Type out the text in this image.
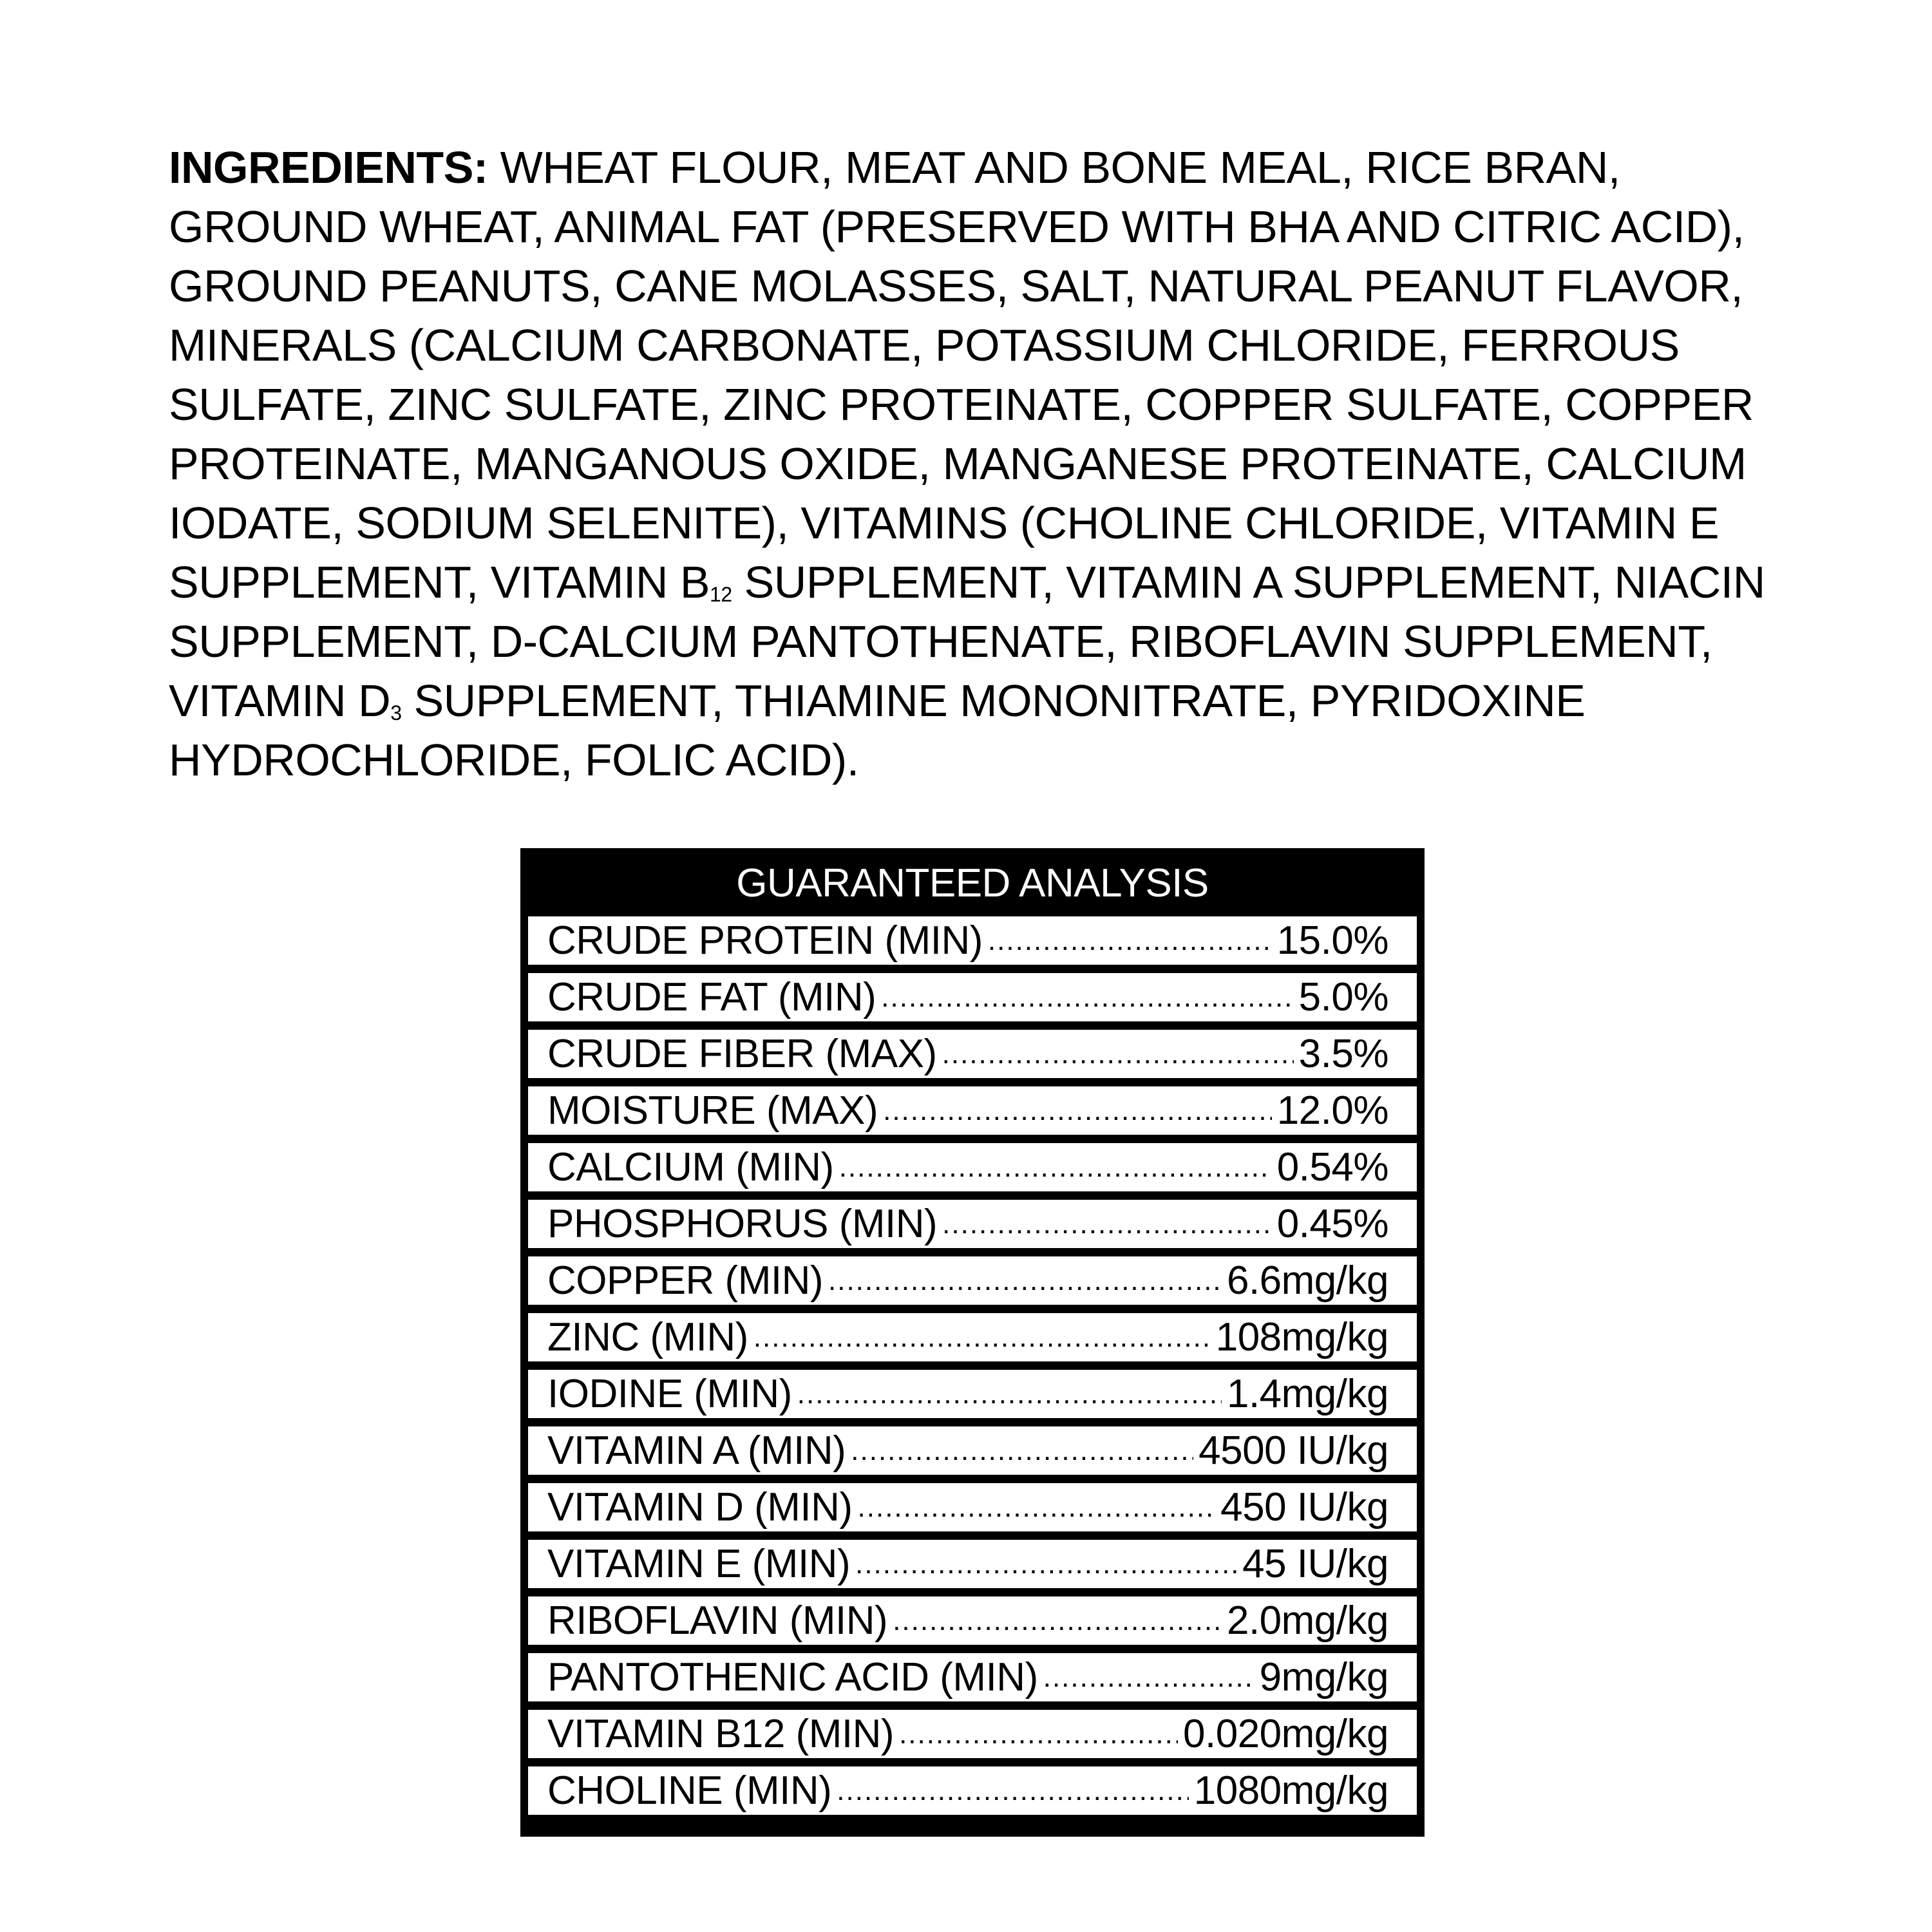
INGREDIENTS: WHEAT FLOUR, MEAT AND BONE MEAL, RICE BRAN, GROUND WHEAT, ANIMAL FAT (PRESERVED WITH BHA AND CITRIC ACID), GROUND PEANUTS, CANE MOLASSES, SALT, NATURAL PEANUT FLAVOR, MINERALS (CALCIUM CARBONATE, POTASSIUM CHLORIDE, FERROUS SULFATE, ZINC SULFATE, ZINC PROTEINATE, COPPER SULFATE, COPPER PROTEINATE, MANGANOUS OXIDE, MANGANESE PROTEINATE, CALCIUM IODATE, SODIUM SELENITE), VITAMINS (CHOLINE CHLORIDE, VITAMIN E SUPPLEMENT, VITAMIN $B_{12}$ SUPPLEMENT, VITAMIN A SUPPLEMENT, NIACIN SUPPLEMENT, D-CALCIUM PANTOTHENATE, RIBOFLAVIN SUPPLEMENT, VITAMIN $D_3$ SUPPLEMENT, THIAMINE MONONITRATE, PYRIDOXINE HYDROCHLORIDE, FOLIC ACID).
GUARANTEED ANALYSIS
CRUDE PROTEIN (MIN) .....	15.0%
CRUDE FAT (MIN) .....	5.0%
CRUDE FIBER (MAX) .....	3.5%
MOISTURE (MAX) .....	12.0%
CALCIUM (MIN) .....	0.54%
PHOSPHORUS (MIN) .....	0.45%
COPPER (MIN) .....	6.6mg/kg
ZINC (MIN) .....	108mg/kg
IODINE (MIN) .....	1.4mg/kg
VITAMIN A (MIN) .....	4500 IU/kg
VITAMIN D (MIN) .....	450 IU/kg
VITAMIN E (MIN) .....	45 IU/kg
RIBOFLAVIN (MIN) .....	2.0mg/kg
PANTOTHENIC ACID (MIN) .....	9mg/kg
VITAMIN B12 (MIN) .....	0.020mg/kg
CHOLINE (MIN) .....	1080mg/kg
